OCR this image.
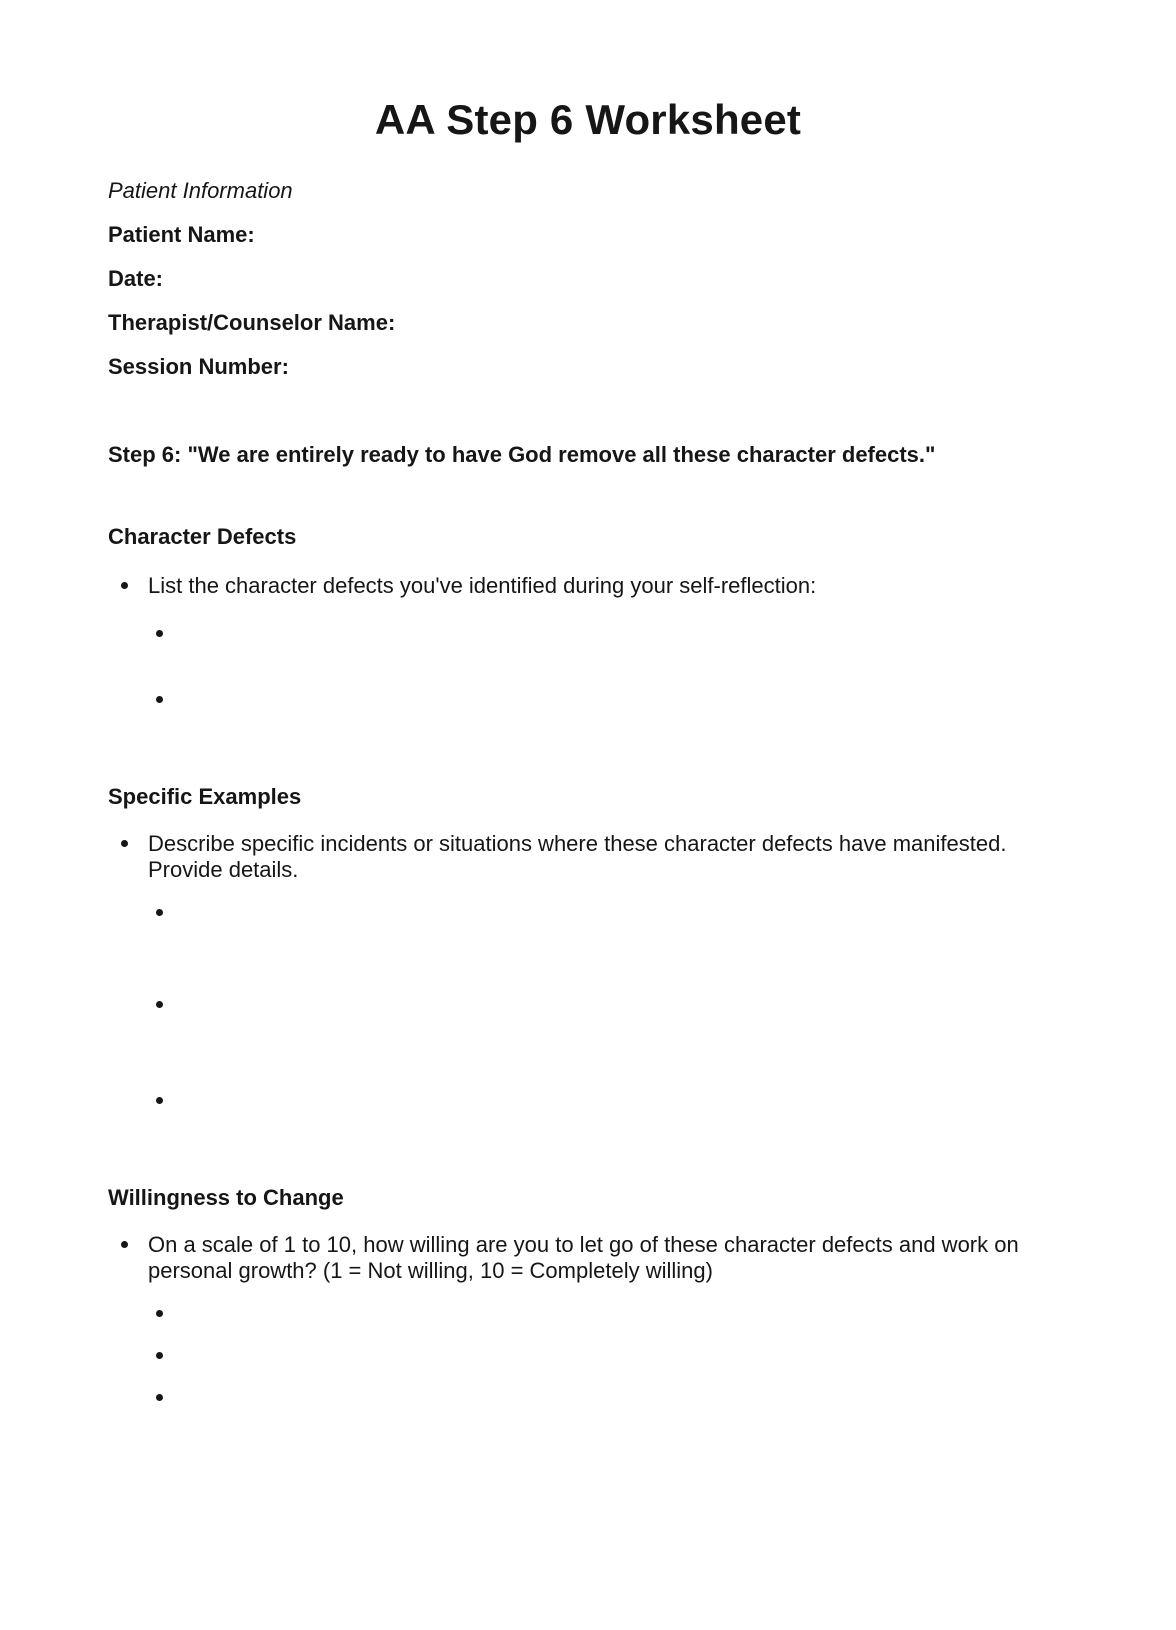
AA Step 6 Worksheet

Patient Information

Patient Name:

Date:

Therapist/Counselor Name:

Session Number:

Step 6: "We are entirely ready to have God remove all these character defects."

Character Defects

List the character defects you've identified during your self-reflection:

Specific Examples

Describe specific incidents or situations where these character defects have manifested. Provide details.

Willingness to Change

On a scale of 1 to 10, how willing are you to let go of these character defects and work on personal growth? (1 = Not willing, 10 = Completely willing)
